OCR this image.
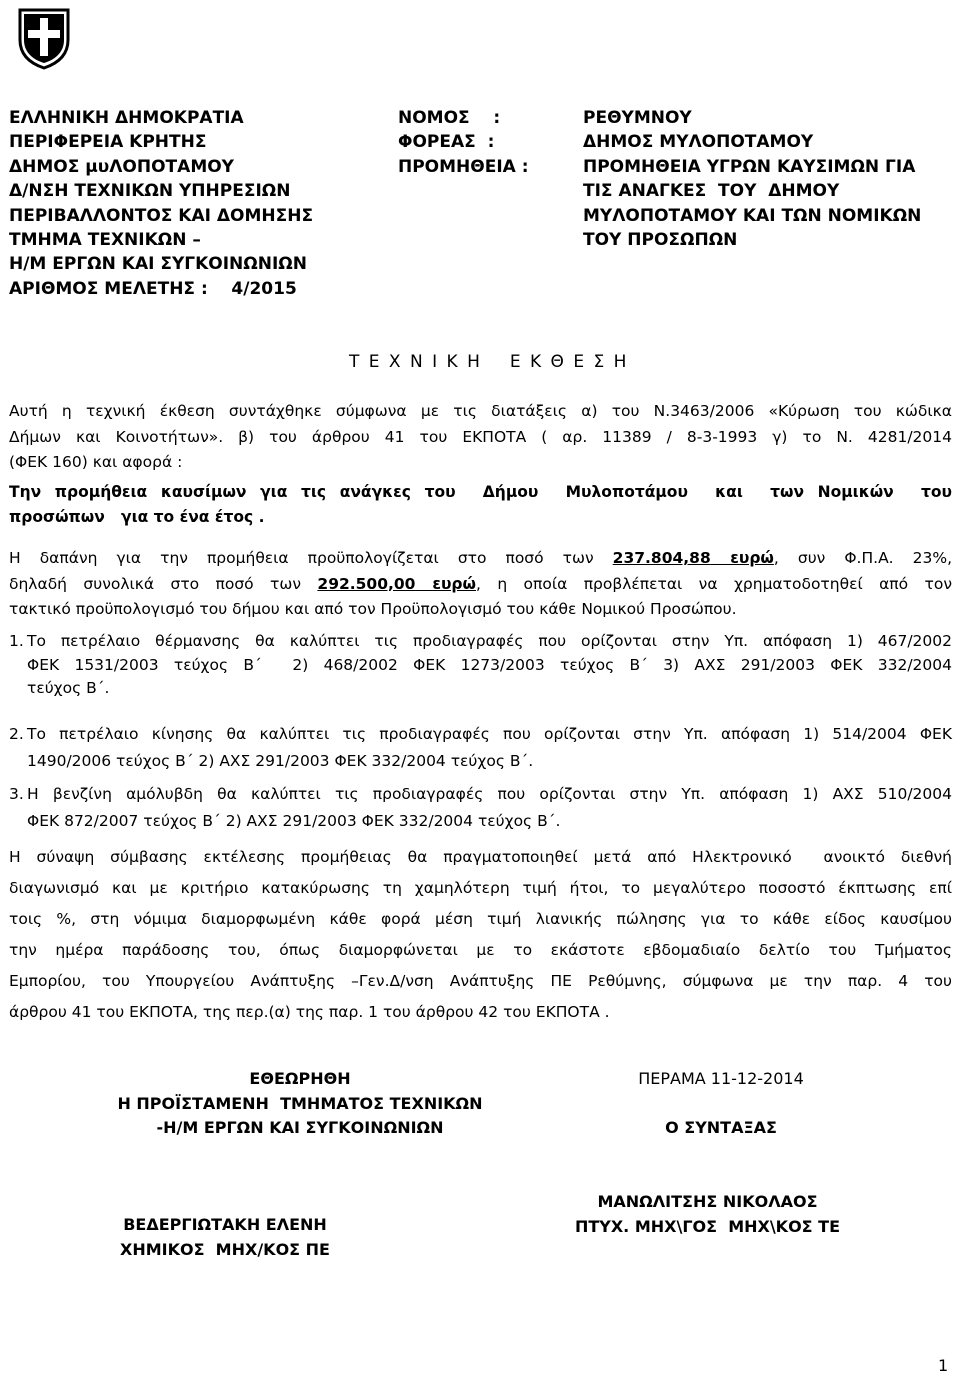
ΕΛΛΗΝΙΚΗ ΔΗΜΟΚΡΑΤΙΑ
ΠΕΡΙΦΕΡΕΙΑ ΚΡΗΤΗΣ
ΔΗΜΟΣ μυΛΟΠΟΤΑΜΟΥ
Δ/ΝΣΗ ΤΕΧΝΙΚΩΝ ΥΠΗΡΕΣΙΩΝ
ΠΕΡΙΒΑΛΛΟΝΤΟΣ ΚΑΙ ΔΟΜΗΣΗΣ
ΤΜΗΜΑ ΤΕΧΝΙΚΩΝ –
Η/Μ ΕΡΓΩΝ ΚΑΙ ΣΥΓΚΟΙΝΩΝΙΩΝ
ΑΡΙΘΜΟΣ ΜΕΛΕΤΗΣ :    4/2015
ΝΟΜΟΣ    :
ΦΟΡΕΑΣ  :
ΠΡΟΜΗΘΕΙΑ :
ΡΕΘΥΜΝΟΥ
ΔΗΜΟΣ ΜΥΛΟΠΟΤΑΜΟΥ
ΠΡΟΜΗΘΕΙΑ ΥΓΡΩΝ ΚΑΥΣΙΜΩΝ ΓΙΑ
ΤΙΣ ΑΝΑΓΚΕΣ  ΤΟΥ  ΔΗΜΟΥ
ΜΥΛΟΠΟΤΑΜΟΥ ΚΑΙ ΤΩΝ ΝΟΜΙΚΩΝ
ΤΟΥ ΠΡΟΣΩΠΩΝ
Τ Ε Χ Ν Ι Κ Η Ε Κ Θ Ε Σ Η
Αυτή η τεχνική έκθεση συντάχθηκε σύμφωνα με τις διατάξεις α) του Ν.3463/2006 «Κύρωση του κώδικα
Δήμων και Κοινοτήτων». β) του άρθρου 41 του ΕΚΠΟΤΑ ( αρ. 11389 / 8-3-1993 γ) το Ν. 4281/2014
(ΦΕΚ 160) και αφορά :
Την προμήθεια καυσίμων για τις ανάγκες του  Δήμου  Μυλοποτάμου  και  των Νομικών  του
προσώπων   για το ένα έτος .
Η δαπάνη για την προμήθεια προϋπολογίζεται στο ποσό των 237.804,88 ευρώ, συν Φ.Π.Α. 23%,
δηλαδή συνολικά στο ποσό των 292.500,00 ευρώ, η οποία προβλέπεται να χρηματοδοτηθεί από τον
τακτικό προϋπολογισμό του δήμου και από τον Προϋπολογισμό του κάθε Νομικού Προσώπου.
1. Το πετρέλαιο θέρμανσης θα καλύπτει τις προδιαγραφές που ορίζονται στην Υπ. απόφαση 1) 467/2002
ΦΕΚ 1531/2003 τεύχος Β΄  2) 468/2002 ΦΕΚ 1273/2003 τεύχος Β΄ 3) ΑΧΣ 291/2003 ΦΕΚ 332/2004
τεύχος Β΄.
2. Το πετρέλαιο κίνησης θα καλύπτει τις προδιαγραφές που ορίζονται στην Υπ. απόφαση 1) 514/2004 ΦΕΚ
1490/2006 τεύχος Β΄ 2) ΑΧΣ 291/2003 ΦΕΚ 332/2004 τεύχος Β΄.
3. Η βενζίνη αμόλυβδη θα καλύπτει τις προδιαγραφές που ορίζονται στην Υπ. απόφαση 1) ΑΧΣ 510/2004
ΦΕΚ 872/2007 τεύχος Β΄ 2) ΑΧΣ 291/2003 ΦΕΚ 332/2004 τεύχος Β΄.
Η σύναψη σύμβασης εκτέλεσης προμήθειας θα πραγματοποιηθεί μετά από Ηλεκτρονικό  ανοικτό διεθνή
διαγωνισμό και με κριτήριο κατακύρωσης τη χαμηλότερη τιμή ήτοι, το μεγαλύτερο ποσοστό έκπτωσης επί
τοις %, στη νόμιμα διαμορφωμένη κάθε φορά μέση τιμή λιανικής πώλησης για το κάθε είδος καυσίμου
την ημέρα παράδοσης του, όπως διαμορφώνεται με το εκάστοτε εβδομαδιαίο δελτίο του Τμήματος
Εμπορίου, του Υπουργείου Ανάπτυξης –Γεν.Δ/νση Ανάπτυξης ΠΕ Ρεθύμνης, σύμφωνα με την παρ. 4 του
άρθρου 41 του ΕΚΠΟΤΑ, της περ.(α) της παρ. 1 του άρθρου 42 του ΕΚΠΟΤΑ .
ΕΘΕΩΡΗΘΗ
Η ΠΡΟΪΣΤΑΜΕΝΗ  ΤΜΗΜΑΤΟΣ ΤΕΧΝΙΚΩΝ
-Η/Μ ΕΡΓΩΝ ΚΑΙ ΣΥΓΚΟΙΝΩΝΙΩΝ
ΠΕΡΑΜΑ 11-12-2014
Ο ΣΥΝΤΑΞΑΣ
ΒΕΔΕΡΓΙΩΤΑΚΗ ΕΛΕΝΗ
ΧΗΜΙΚΟΣ  ΜΗΧ/ΚΟΣ ΠΕ
ΜΑΝΩΛΙΤΣΗΣ ΝΙΚΟΛΑΟΣ
ΠΤΥΧ. ΜΗΧ\ΓΟΣ  ΜΗΧ\ΚΟΣ ΤΕ
1
